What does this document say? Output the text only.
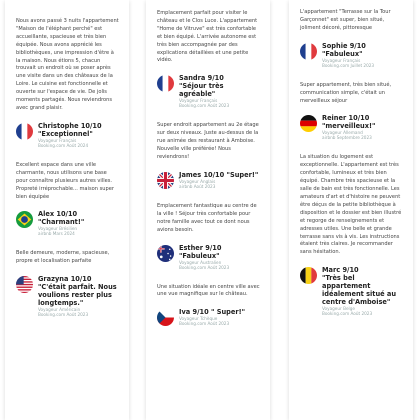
Nous avons passé 3 nuits l'appartement "Maison de l'éléphant perché" est accueillante, spacieuse et très bien équipée. Nous avons apprécié les bibliothèques, une impression d'être à la maison. Nous étions 5, chacun trouvait un endroit où se poser après une visite dans un des châteaux de la Loire. Le cuisine est fonctionnelle et ouverte sur l'espace de vie. De jolis moments partagés. Nous reviendrons avec grand plaisir.

Christophe 10/10
"Exceptionnel"
Voyageur Français
Booking.com Août 2024

Excellent espace dans une ville charmante, nous utilisons une base pour connaître plusieurs autres villes. Propreté irréprochable... maison super bien équipée

Alex 10/10
"Charmant!"
Voyageur Brésilien
airbnb Mars 2024

Belle demeure, moderne, spacieuse, propre et localisation parfaite

Grazyna 10/10
"C'était parfait. Nous voulions rester plus longtemps."
Voyageur Américain
Booking.com Août 2023

Emplacement parfait pour visiter le château et le Clos Luce. L'appartement "Home de Vitruve" est très confortable et bien équipé. L'arrivée autonome est très bien accompagnée par des explications détaillées et une petite vidéo.

Sandra 9/10
"Séjour très agréable"
Voyageur Français
Booking.com Août 2023

Super endroit appartement au 2e étage sur deux niveaux. Juste au-dessus de la rue animée des restaurant à Amboise. Nouvelle ville préférée! Nous reviendrons!

James 10/10 "Super!"
Voyageur Anglais
airbnb Août 2023

Emplacement fantastique au centre de la ville ! Séjour très confortable pour notre famille avec tout ce dont nous avions besoin.

Esther 9/10
"Fabuleux"
Voyageur Australien
Booking.com Août 2023

Une situation idéale en centre ville avec une vue magnifique sur le château.

Iva 9/10 " Super!"
Voyageur Tchèque
Booking.com Août 2023

L'appartement "Terrasse sur la Tour Garçonnet" est super, bien situé, joliment décoré, pittoresque

Sophie 9/10
"Fabuleux"
Voyageur Français
Booking.com Juillet 2023

Super appartement, très bien situé, communication simple, c'était un merveilleux séjour

Reiner 10/10
"merveilleux!"
Voyageur Allemand
airbnb Septembre 2023

La situation du logement est exceptionnelle. L'appartement est très confortable, lumineux et très bien équipé. Chambre très spacieuse et la salle de bain est très fonctionnelle. Les amateurs d'art et d'histoire ne peuvent être déçus de la petite bibliothèque à disposition et le dossier est bien illustré et regorge de renseignements et adresses utiles. Une belle et grande terrasse sans vis à vis. Les instructions étaient très claires. Je recommander sans hésitation.

Marc 9/10
"Très bel appartement idéalement situé au centre d'Amboise"
Voyageur Belge
Booking.com Août 2023
